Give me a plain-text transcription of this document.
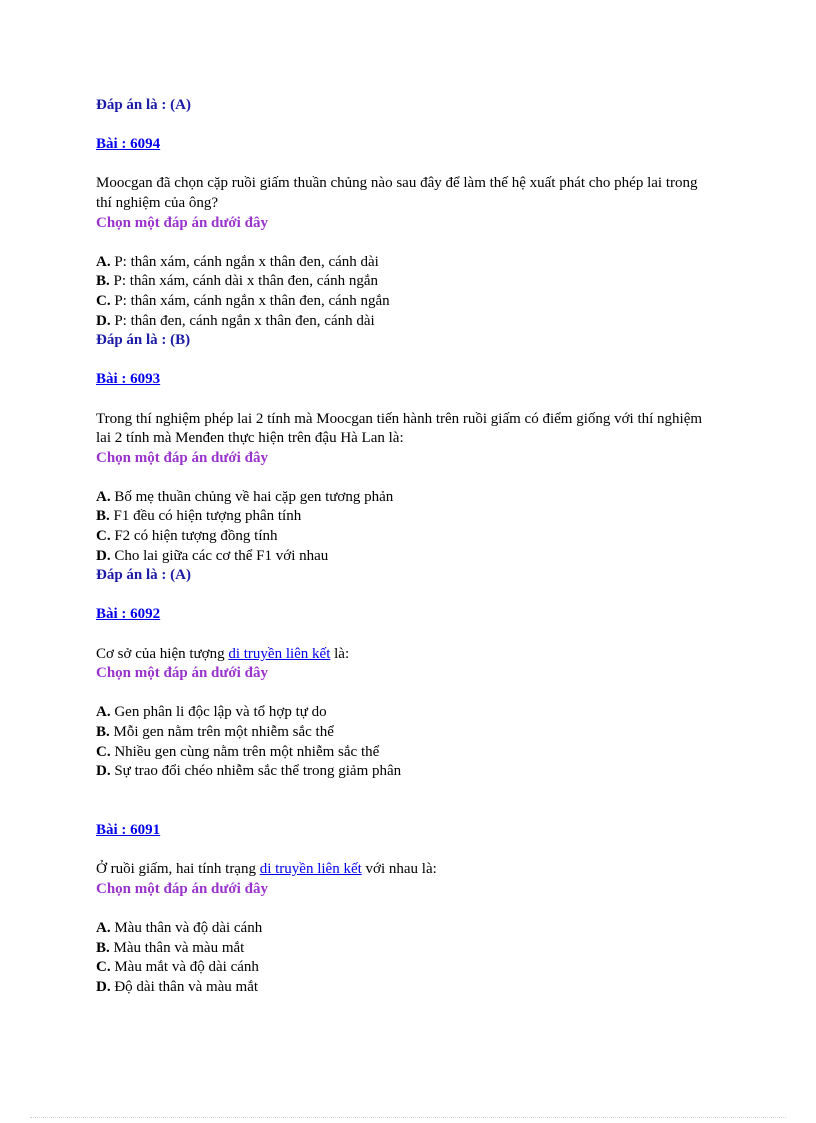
Đáp án là : (A)
Bài : 6094
Moocgan đã chọn cặp ruồi giấm thuần chủng nào sau đây để làm thế hệ xuất phát cho phép lai trong thí nghiệm của ông?
Chọn một đáp án dưới đây
A. P: thân xám, cánh ngắn x thân đen, cánh dài
B. P: thân xám, cánh dài x thân đen, cánh ngắn
C. P: thân xám, cánh ngắn x thân đen, cánh ngắn
D. P: thân đen, cánh ngắn x thân đen, cánh dài
Đáp án là : (B)
Bài : 6093
Trong thí nghiệm phép lai 2 tính mà Moocgan tiến hành trên ruồi giấm có điểm giống với thí nghiệm lai 2 tính mà Menđen thực hiện trên đậu Hà Lan là:
Chọn một đáp án dưới đây
A. Bố mẹ thuần chủng về hai cặp gen tương phản
B. F1 đều có hiện tượng phân tính
C. F2 có hiện tượng đồng tính
D. Cho lai giữa các cơ thể F1 với nhau
Đáp án là : (A)
Bài : 6092
Cơ sở của hiện tượng di truyền liên kết là:
Chọn một đáp án dưới đây
A. Gen phân li độc lập và tổ hợp tự do
B. Mỗi gen nằm trên một nhiễm sắc thể
C. Nhiều gen cùng nằm trên một nhiễm sắc thể
D. Sự trao đổi chéo nhiễm sắc thể trong giảm phân
Bài : 6091
Ở ruồi giấm, hai tính trạng di truyền liên kết với nhau là:
Chọn một đáp án dưới đây
A. Màu thân và độ dài cánh
B. Màu thân và màu mắt
C. Màu mắt và độ dài cánh
D. Độ dài thân và màu mắt
